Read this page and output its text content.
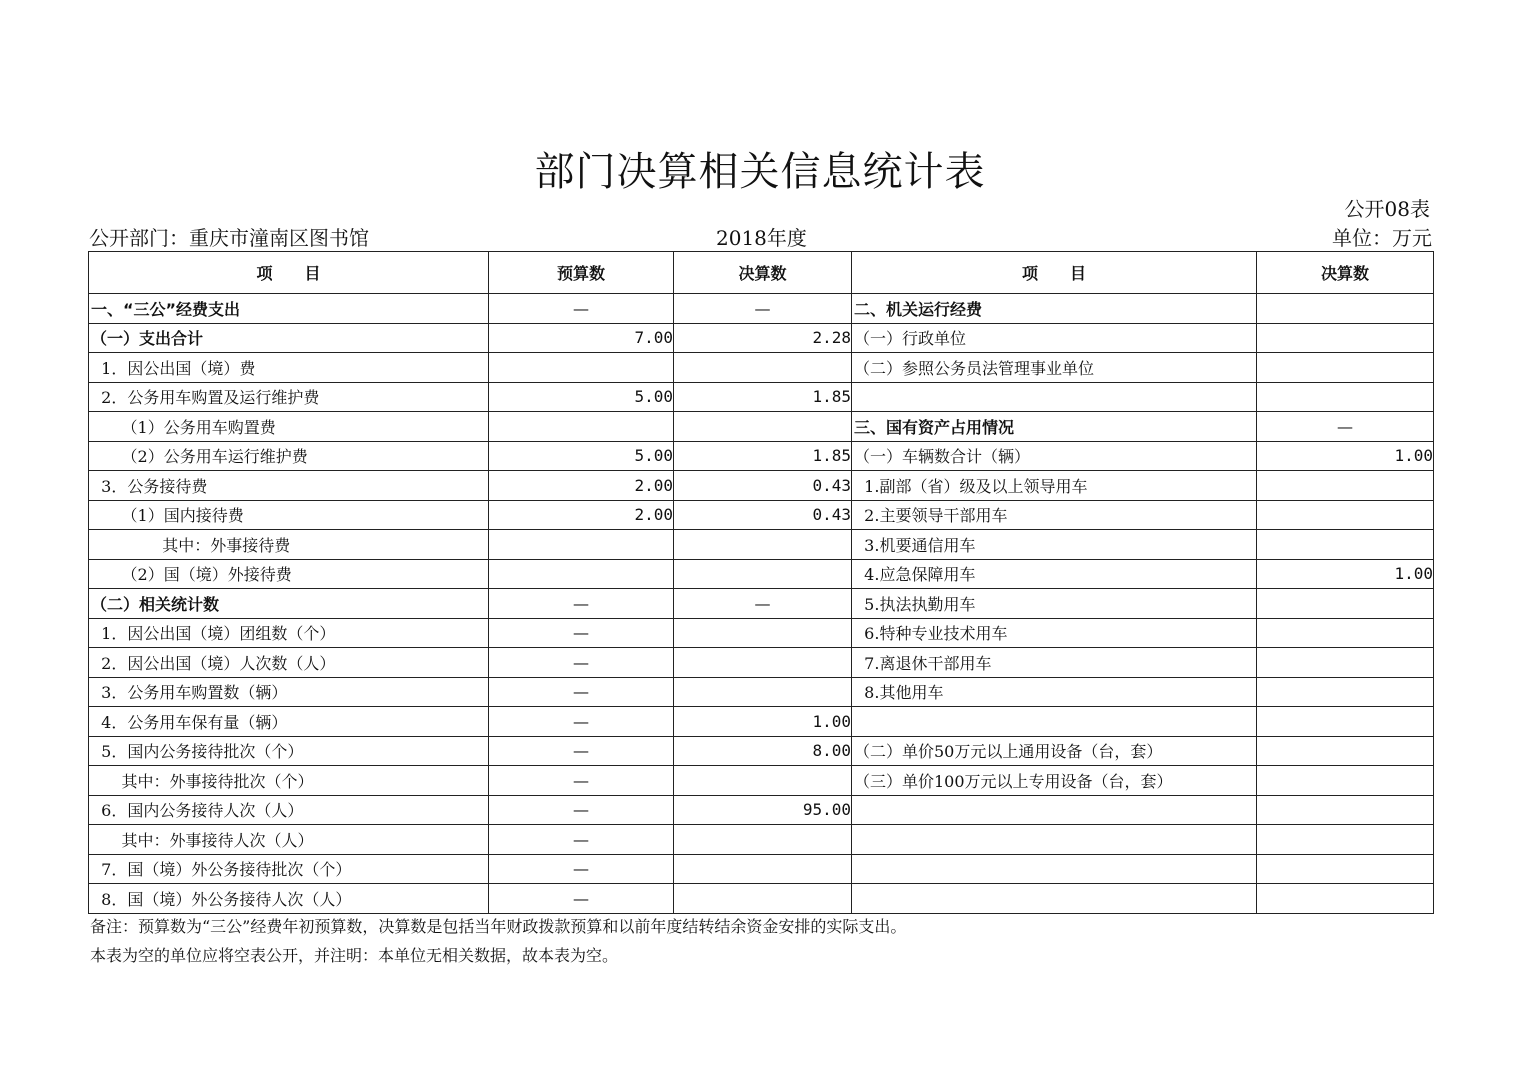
部门决算相关信息统计表
公开08表
公开部门：重庆市潼南区图书馆	2018年度	单位：万元
项　　目	预算数	决算数	项　　目	决算数
一、“三公”经费支出	—	—	二、机关运行经费	
（一）支出合计	7.00	2.28	（一）行政单位	
1．因公出国（境）费			（二）参照公务员法管理事业单位	
2．公务用车购置及运行维护费	5.00	1.85		
（1）公务用车购置费			三、国有资产占用情况	—
（2）公务用车运行维护费	5.00	1.85	（一）车辆数合计（辆）	1.00
3．公务接待费	2.00	0.43	1.副部（省）级及以上领导用车	
（1）国内接待费	2.00	0.43	2.主要领导干部用车	
其中：外事接待费			3.机要通信用车	
（2）国（境）外接待费			4.应急保障用车	1.00
（二）相关统计数	—	—	5.执法执勤用车	
1．因公出国（境）团组数（个）	—		6.特种专业技术用车	
2．因公出国（境）人次数（人）	—		7.离退休干部用车	
3．公务用车购置数（辆）	—		8.其他用车	
4．公务用车保有量（辆）	—	1.00		
5．国内公务接待批次（个）	—	8.00	（二）单价50万元以上通用设备（台，套）	
其中：外事接待批次（个）	—		（三）单价100万元以上专用设备（台，套）	
6．国内公务接待人次（人）	—	95.00		
其中：外事接待人次（人）	—			
7．国（境）外公务接待批次（个）	—			
8．国（境）外公务接待人次（人）	—			
备注：预算数为“三公”经费年初预算数，决算数是包括当年财政拨款预算和以前年度结转结余资金安排的实际支出。
本表为空的单位应将空表公开，并注明：本单位无相关数据，故本表为空。
